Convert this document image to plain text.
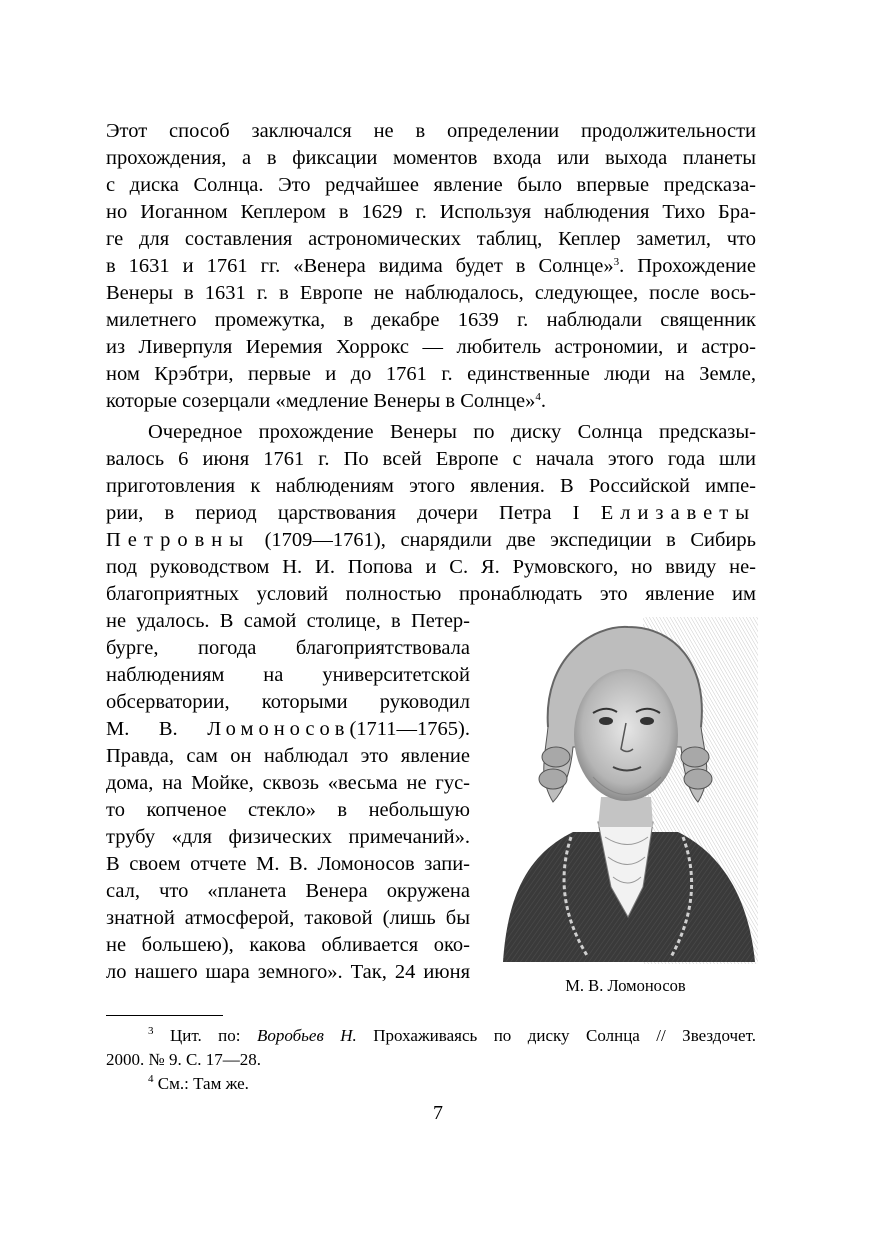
Этот способ заключался не в определении продолжительности
прохождения, а в фиксации моментов входа или выхода планеты
с диска Солнца. Это редчайшее явление было впервые предсказа-
но Иоганном Кеплером в 1629 г. Используя наблюдения Тихо Бра-
ге для составления астрономических таблиц, Кеплер заметил, что
в 1631 и 1761 гг. «Венера видима будет в Солнце»$^3$. Прохождение
Венеры в 1631 г. в Европе не наблюдалось, следующее, после вось-
милетнего промежутка, в декабре 1639 г. наблюдали священник
из Ливерпуля Иеремия Хоррокс — любитель астрономии, и астро-
ном Крэбтри, первые и до 1761 г. единственные люди на Земле,
которые созерцали «медление Венеры в Солнце»$^4$.
Очередное прохождение Венеры по диску Солнца предсказы-
валось 6 июня 1761 г. По всей Европе с начала этого года шли
приготовления к наблюдениям этого явления. В Российской импе-
рии, в период царствования дочери Петра I Елизаветы
Петровны (1709—1761), снарядили две экспедиции в Сибирь
под руководством Н. И. Попова и С. Я. Румовского, но ввиду не-
благоприятных условий полностью пронаблюдать это явление им
не удалось. В самой столице, в Петер-
бурге, погода благоприятствовала
наблюдениям на университетской
обсерватории, которыми руководил
М. В. Ломоносов(1711—1765).
Правда, сам он наблюдал это явление
дома, на Мойке, сквозь «весьма не гус-
то копченое стекло» в небольшую
трубу «для физических примечаний».
В своем отчете М. В. Ломоносов запи-
сал, что «планета Венера окружена
знатной атмосферой, таковой (лишь бы
не большею), какова обливается око-
ло нашего шара земного». Так, 24 июня
М. В. Ломоносов
$^3$ Цит. по: Воробьев Н. Прохаживаясь по диску Солнца // Звездочет.
2000. № 9. С. 17—28.
$^4$ См.: Там же.
7
